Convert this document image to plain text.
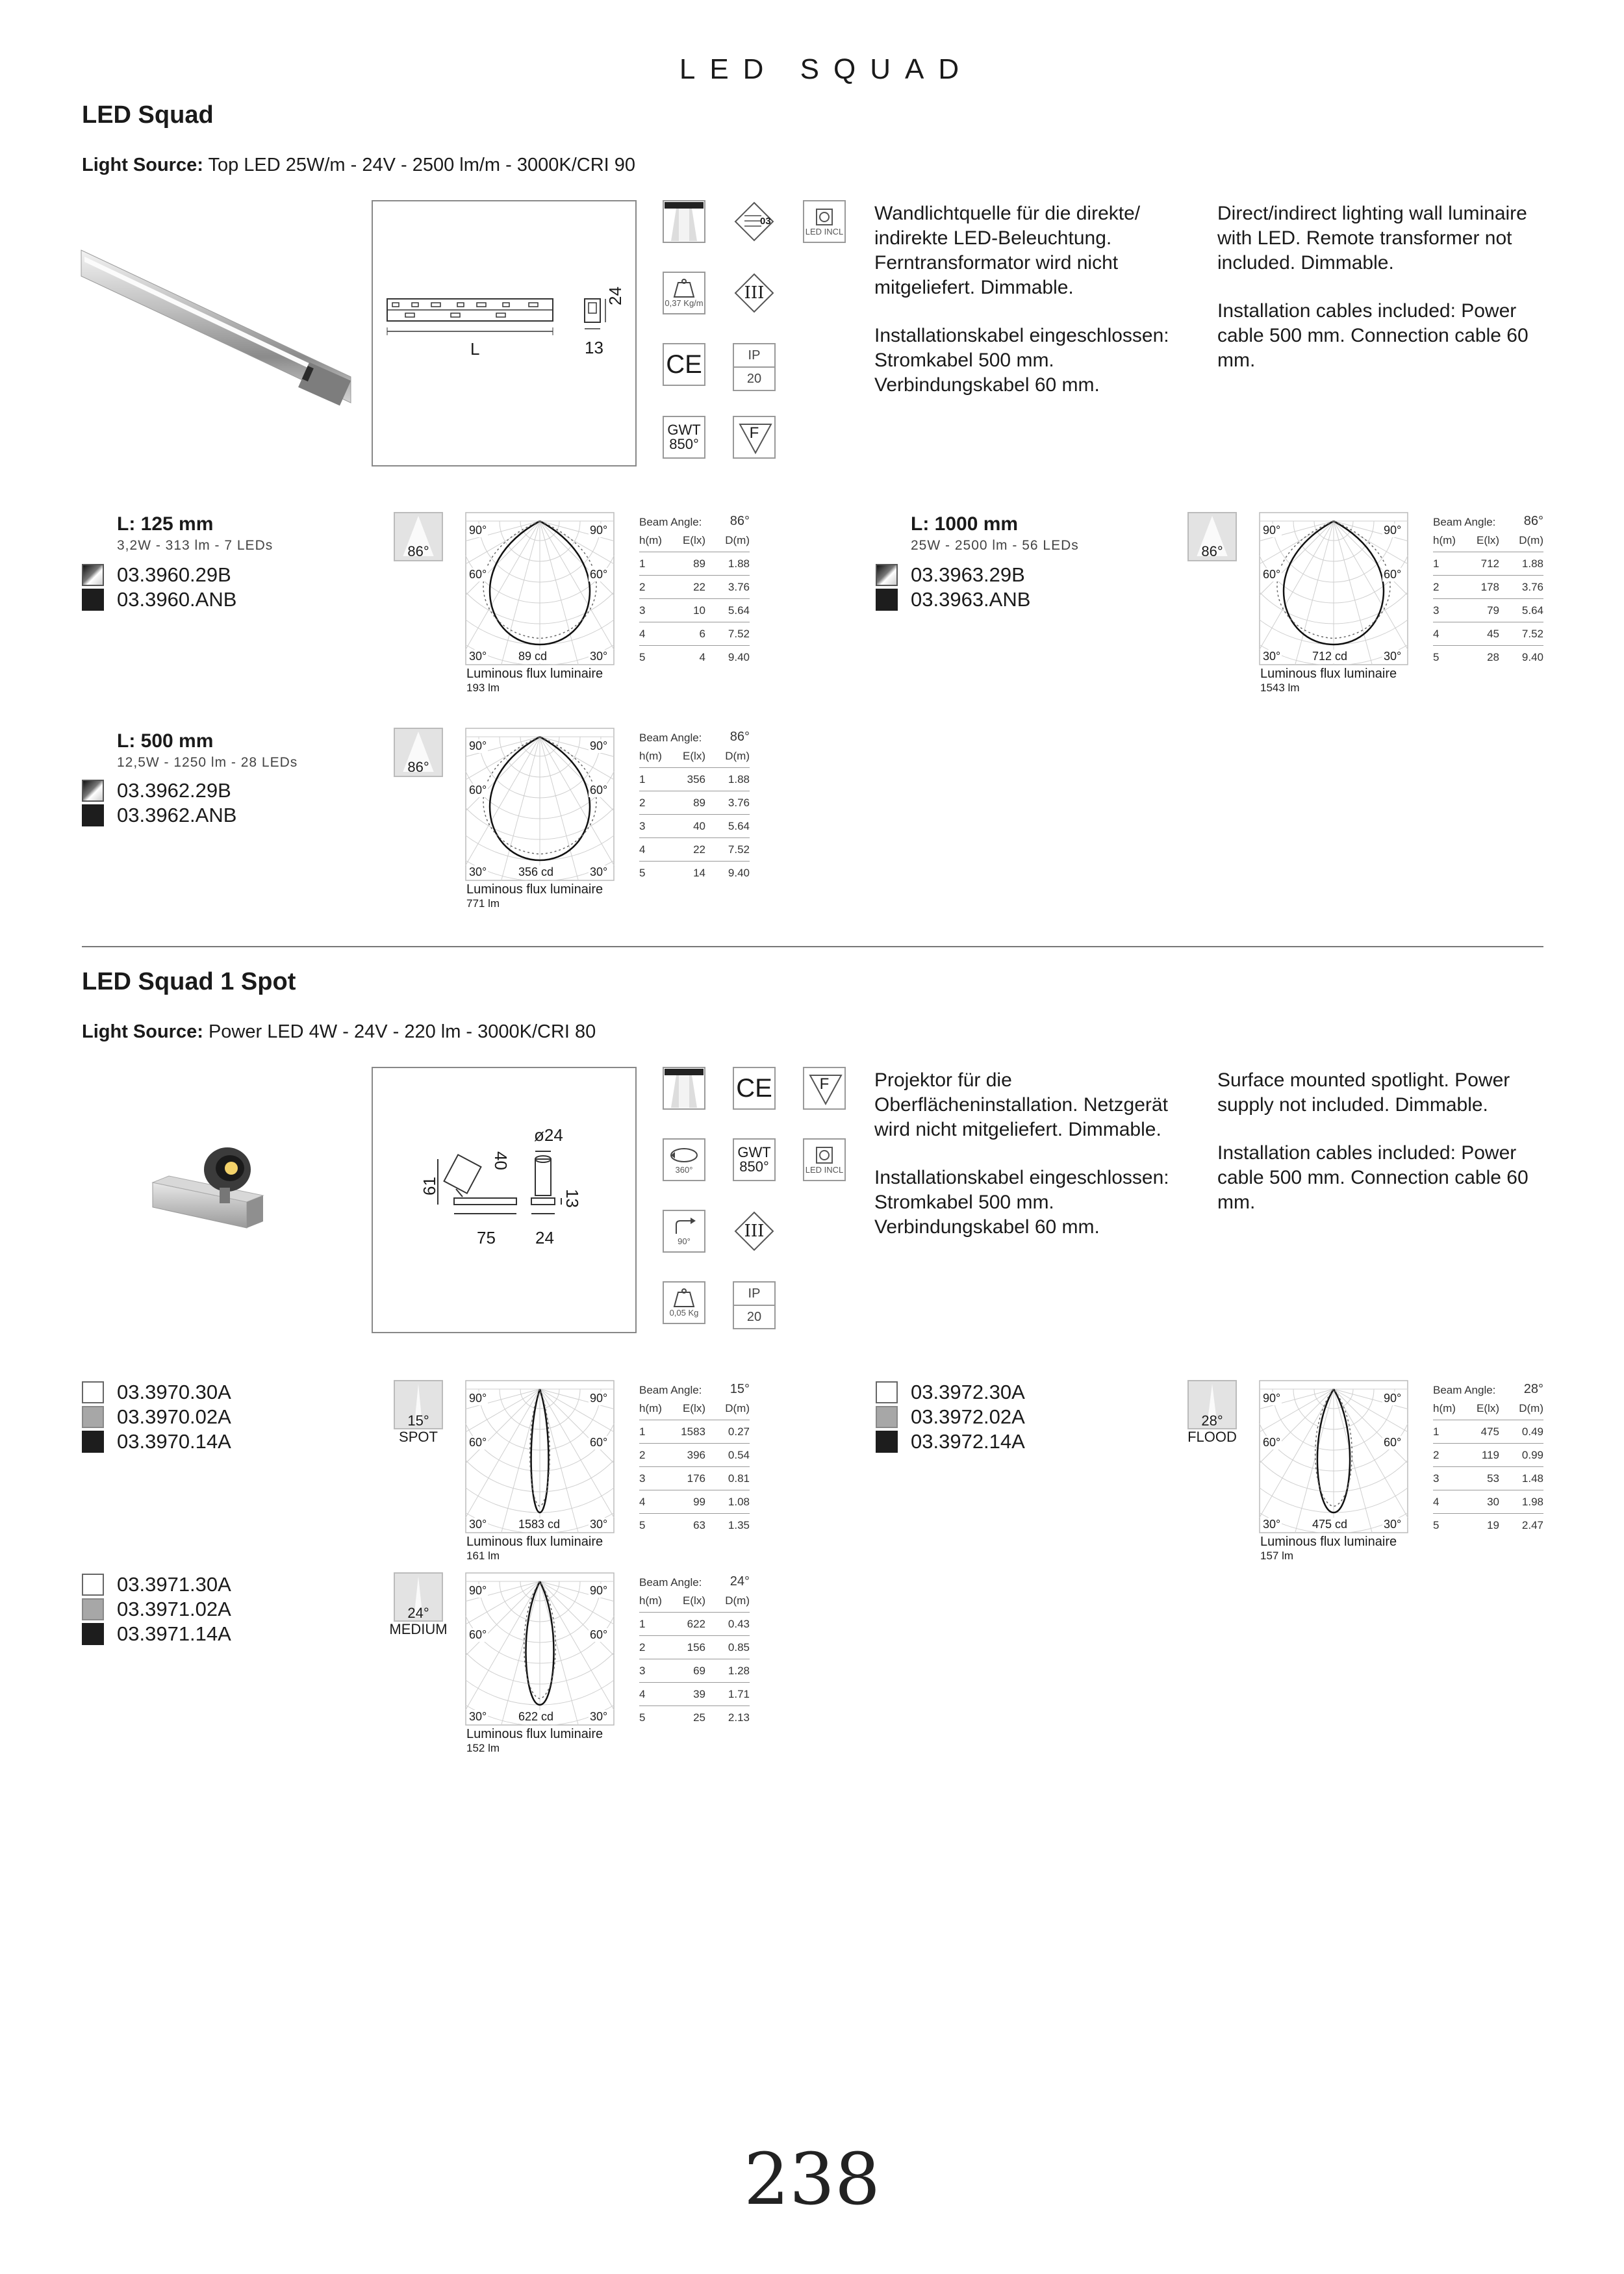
LED SQUAD
LED Squad
Light Source: Top LED 25W/m - 24V - 2500 lm/m - 3000K/CRI 90
L	13
24	0,37 Kg/m
CE
GWT
850°
03
III
IP
20
F
LED INCL

Wandlichtquelle für die direkte/ indirekte LED-Beleuchtung. Ferntransformator wird nicht mitgeliefert. Dimmable.

Installationskabel eingeschlossen: Stromkabel 500 mm. Verbindungskabel 60 mm.

Direct/indirect lighting wall luminaire with LED. Remote transformer not included. Dimmable.

Installation cables included: Power cable 500 mm. Connection cable 60 mm.

L: 125 mm
3,2W - 313 lm - 7 LEDs
03.3960.29B
03.3960.ANB
L: 1000 mm
25W - 2500 lm - 56 LEDs
03.3963.29B
03.3963.ANB
L: 500 mm
12,5W - 1250 lm - 28 LEDs
03.3962.29B
03.3962.ANB
LED Squad 1 Spot
Light Source: Power LED 4W - 24V - 220 lm - 3000K/CRI 80
ø24
61
40
75 24
13
360°
90°
0,05 Kg
CE
GWT
850°
III
IP
20
F
LED INCL

Projektor für die Oberflächeninstallation. Netzgerät wird nicht mitgeliefert. Dimmable.

Installationskabel eingeschlossen: Stromkabel 500 mm. Verbindungskabel 60 mm.

Surface mounted spotlight. Power supply not included. Dimmable.

Installation cables included: Power cable 500 mm. Connection cable 60 mm.

03.3970.30A
03.3970.02A
03.3970.14A
03.3972.30A
03.3972.02A
03.3972.14A
03.3971.30A
03.3971.02A
03.3971.14A
86°
90°	90°
60°	60°
30°	30°
89 cd
Luminous flux luminaire
193 lm
Beam Angle: 86°
h(m)	E(lx)	D(m)
1	89	1.88
2	22	3.76
3	10	5.64
4	6	7.52
5	4	9.40
86°
90°	90°
60°	60°
30°	30°
712 cd
Luminous flux luminaire
1543 lm
Beam Angle: 86°
h(m)	E(lx)	D(m)
1	712	1.88
2	178	3.76
3	79	5.64
4	45	7.52
5	28	9.40
86°
90°	90°
60°	60°
30°	30°
356 cd
Luminous flux luminaire
771 lm
Beam Angle: 86°
h(m)	E(lx)	D(m)
1	356	1.88
2	89	3.76
3	40	5.64
4	22	7.52
5	14	9.40
15°
SPOT
90°	90°
60°	60°
30°	30°
1583 cd
Luminous flux luminaire
161 lm
Beam Angle: 15°
h(m)	E(lx)	D(m)
1	1583	0.27
2	396	0.54
3	176	0.81
4	99	1.08
5	63	1.35
28°
FLOOD
90°	90°
60°	60°
30°	30°
475 cd
Luminous flux luminaire
157 lm
Beam Angle: 28°
h(m)	E(lx)	D(m)
1	475	0.49
2	119	0.99
3	53	1.48
4	30	1.98
5	19	2.47
24°
MEDIUM
90°	90°
60°	60°
30°	30°
622 cd
Luminous flux luminaire
152 lm
Beam Angle: 24°
h(m)	E(lx)	D(m)
1	622	0.43
2	156	0.85
3	69	1.28
4	39	1.71
5	25	2.13
238
